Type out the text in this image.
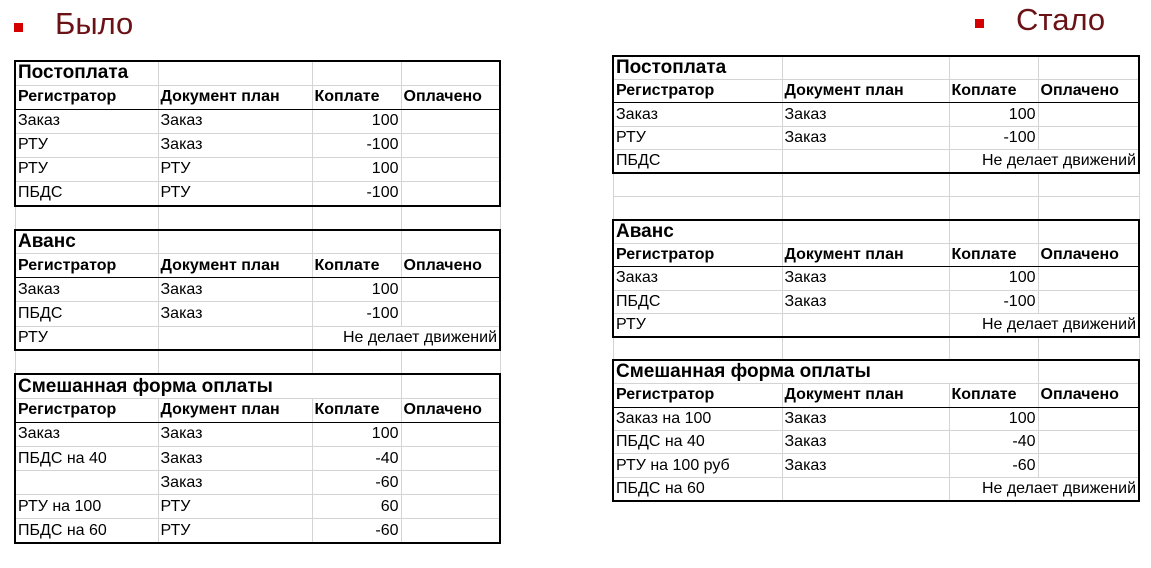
Было	Стало
Постоплата			
Регистратор	Документ план	Коплате	Оплачено
Заказ	Заказ	100	
РТУ	Заказ	-100	
РТУ	РТУ	100	
ПБДС	РТУ	-100	

Аванс			
Регистратор	Документ план	Коплате	Оплачено
Заказ	Заказ	100	
ПБДС	Заказ	-100	
РТУ		Не делает движений	

Смешанная форма оплаты			
Регистратор	Документ план	Коплате	Оплачено
Заказ	Заказ	100	
ПБДС на 40	Заказ	-40	
	Заказ	-60	
РТУ на 100	РТУ	60	
ПБДС на 60	РТУ	-60	
Постоплата			
Регистратор	Документ план	Коплате	Оплачено
Заказ	Заказ	100	
РТУ	Заказ	-100	
ПБДС		Не делает движений	

Аванс			
Регистратор	Документ план	Коплате	Оплачено
Заказ	Заказ	100	
ПБДС	Заказ	-100	
РТУ		Не делает движений	

Смешанная форма оплаты			
Регистратор	Документ план	Коплате	Оплачено
Заказ на 100	Заказ	100	
ПБДС на 40	Заказ	-40	
РТУ на 100 руб	Заказ	-60	
ПБДС на 60		Не делает движений	
